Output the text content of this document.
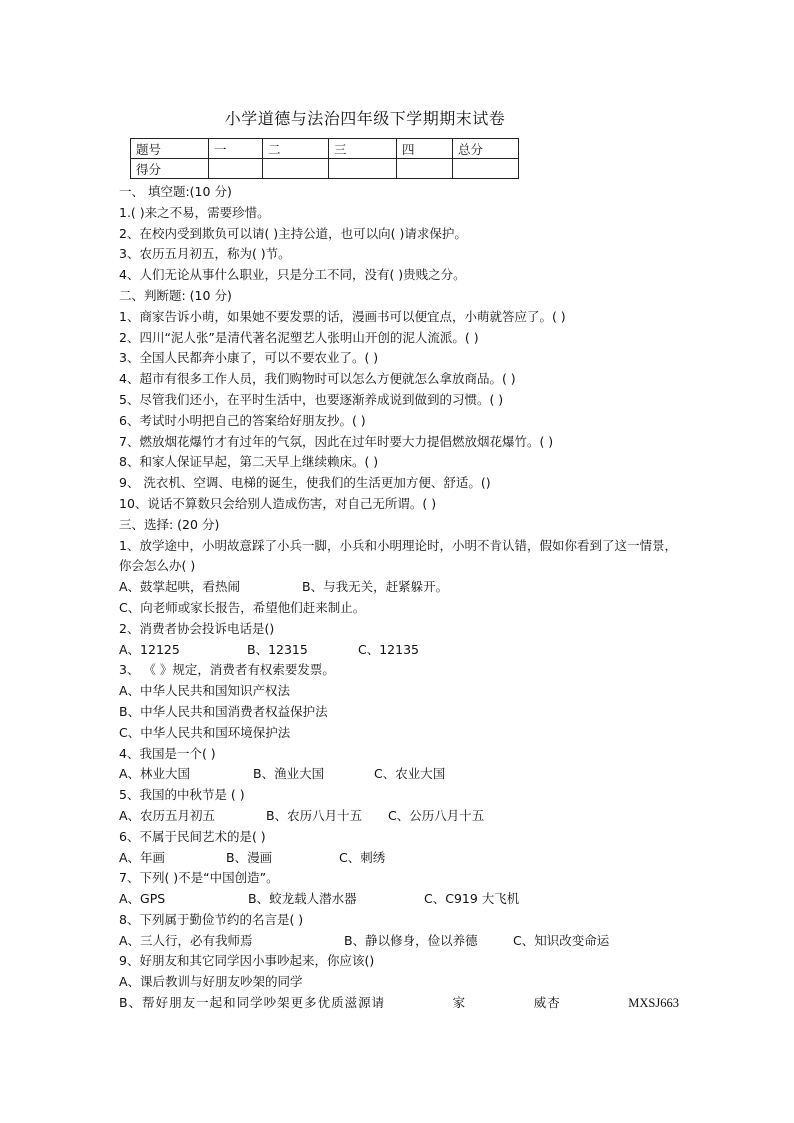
小学道德与法治四年级下学期期末试卷
题号	一	二	三	四	总分
得分					
一、 填空题:(10 分)
1.( )来之不易，需要珍惜。
2、在校内受到欺负可以请( )主持公道，也可以向( )请求保护。
3、农历五月初五，称为( )节。
4、人们无论从事什么职业，只是分工不同，没有( )贵贱之分。
二、判断题: (10 分)
1、商家告诉小萌，如果她不要发票的话，漫画书可以便宜点，小萌就答应了。( )
2、四川“泥人张”是清代著名泥塑艺人张明山开创的泥人流派。( )
3、全国人民都奔小康了，可以不要农业了。( )
4、超市有很多工作人员，我们购物时可以怎么方便就怎么拿放商品。( )
5、尽管我们还小，在平时生活中，也要逐渐养成说到做到的习惯。( )
6、考试时小明把自己的答案给好朋友抄。( )
7、燃放烟花爆竹才有过年的气氛，因此在过年时要大力提倡燃放烟花爆竹。( )
8、和家人保证早起，第二天早上继续赖床。( )
9、 洗衣机、空调、电梯的诞生，使我们的生活更加方便、舒适。()
10、说话不算数只会给别人造成伤害，对自己无所谓。( )
三、选择: (20 分)
1、放学途中，小明故意踩了小兵一脚，小兵和小明理论时，小明不肯认错，假如你看到了这一情景， 你会怎么办( )
A、鼓掌起哄，看热闹	B、与我无关，赶紧躲开。
C、向老师或家长报告，希望他们赶来制止。
2、消费者协会投诉电话是()
A、12125	B、12315	C、12135
3、 《 》规定，消费者有权索要发票。
A、中华人民共和国知识产权法
B、中华人民共和国消费者权益保护法
C、中华人民共和国环境保护法
4、我国是一个( )
A、林业大国	B、渔业大国	C、农业大国
5、我国的中秋节是 ( )
A、农历五月初五	B、农历八月十五 C、公历八月十五
6、不属于民间艺术的是( )
A、年画	B、漫画	C、刺绣
7、下列( )不是“中国创造”。
A、GPS	B、蛟龙载人潜水器	C、C919 大飞机
8、下列属于勤俭节约的名言是( )
A、三人行，必有我师焉	B、静以修身，俭以养德	C、知识改变命运
9、好朋友和其它同学因小事吵起来，你应该()
A、课后教训与好朋友吵架的同学
B、帮好朋友一起和同学吵架更多优质滋源请	家	威杏	MXSJ663
